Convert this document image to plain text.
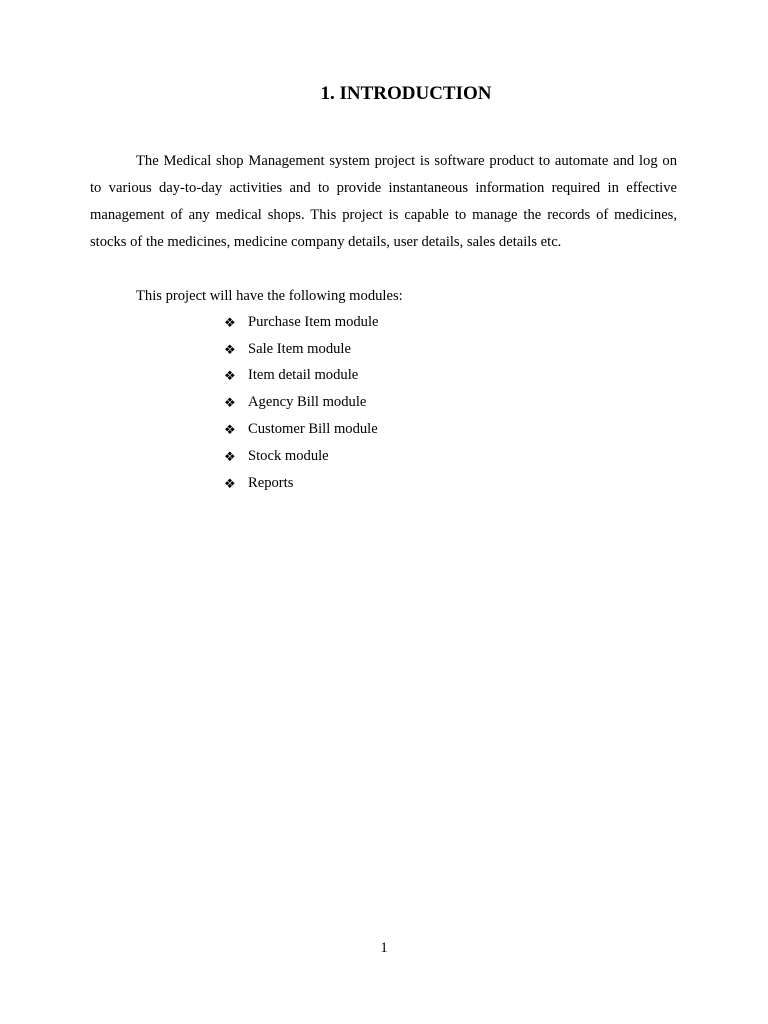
1. INTRODUCTION

The Medical shop Management system project is software product to automate and log on to various day-to-day activities and to provide instantaneous information required in effective management of any medical shops. This project is capable to manage the records of medicines, stocks of the medicines, medicine company details, user details, sales details etc.

This project will have the following modules:

❖ Purchase Item module
❖ Sale Item module
❖ Item detail module
❖ Agency Bill module
❖ Customer Bill module
❖ Stock module
❖ Reports

1
